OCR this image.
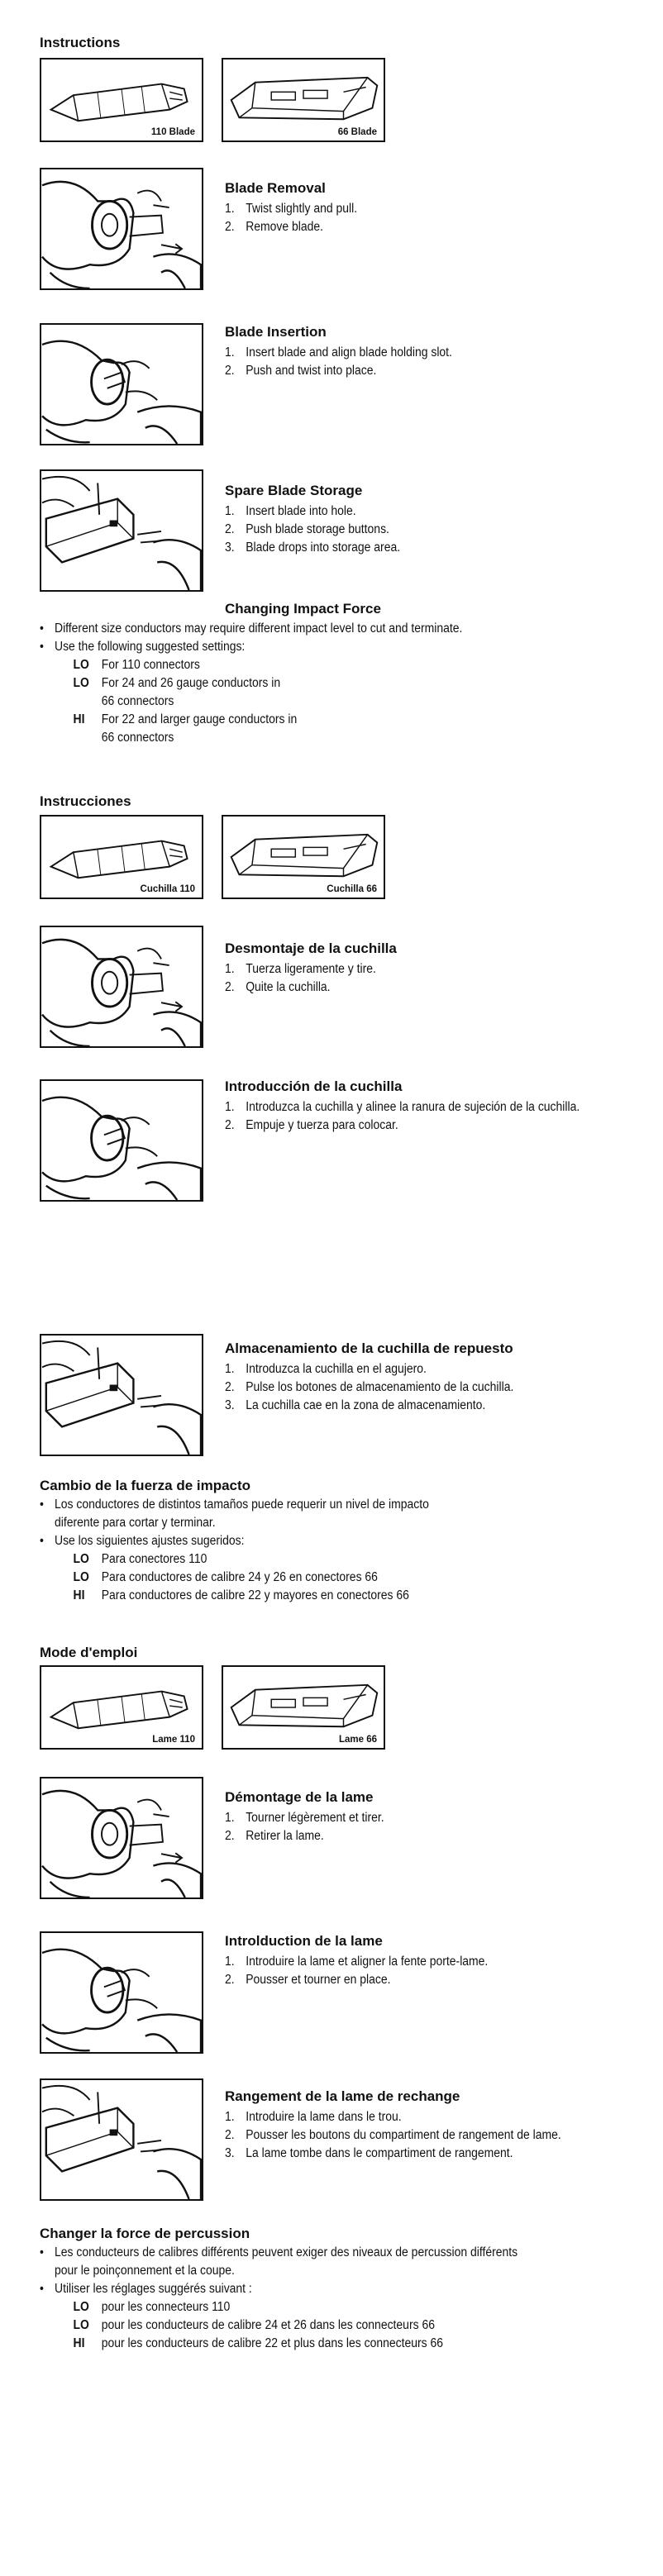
Instructions
110 Blade	66 Blade
Blade Removal
1. Twist slightly and pull.
2. Remove blade.
Blade Insertion
1. Insert blade and align blade holding slot.
2. Push and twist into place.
Spare Blade Storage
1. Insert blade into hole.
2. Push blade storage buttons.
3. Blade drops into storage area.
Changing Impact Force
• Different size conductors may require different impact level to cut and terminate.
• Use the following suggested settings:
LO For 110 connectors
LO For 24 and 26 gauge conductors in
66 connectors
HI	For 22 and larger gauge conductors in
66 connectors
Instrucciones
Cuchilla 110	Cuchilla 66
Desmontaje de la cuchilla
1. Tuerza ligeramente y tire.
2. Quite la cuchilla.
Introducción de la cuchilla
1. Introduzca la cuchilla y alinee la ranura de sujeción de la cuchilla.
2. Empuje y tuerza para colocar.
Almacenamiento de la cuchilla de repuesto
1. Introduzca la cuchilla en el agujero.
2. Pulse los botones de almacenamiento de la cuchilla.
3. La cuchilla cae en la zona de almacenamiento.
Cambio de la fuerza de impacto
• Los conductores de distintos tamaños puede requerir un nivel de impacto
diferente para cortar y terminar.
• Use los siguientes ajustes sugeridos:
LO Para conectores 110
LO Para conductores de calibre 24 y 26 en conectores 66
HI	Para conductores de calibre 22 y mayores en conectores 66
Mode d'emploi
Lame 110	Lame 66
Démontage de la lame
1. Tourner légèrement et tirer.
2. Retirer la lame.
Introlduction de la lame
1. Introduire la lame et aligner la fente porte-lame.
2. Pousser et tourner en place.
Rangement de la lame de rechange
1. Introduire la lame dans le trou.
2. Pousser les boutons du compartiment de rangement de lame.
3. La lame tombe dans le compartiment de rangement.
Changer la force de percussion
• Les conducteurs de calibres différents peuvent exiger des niveaux de percussion différents
pour le poinçonnement et la coupe.
• Utiliser les réglages suggérés suivant :
LO pour les connecteurs 110
LO pour les conducteurs de calibre 24 et 26 dans les connecteurs 66
HI	pour les conducteurs de calibre 22 et plus dans les connecteurs 66
